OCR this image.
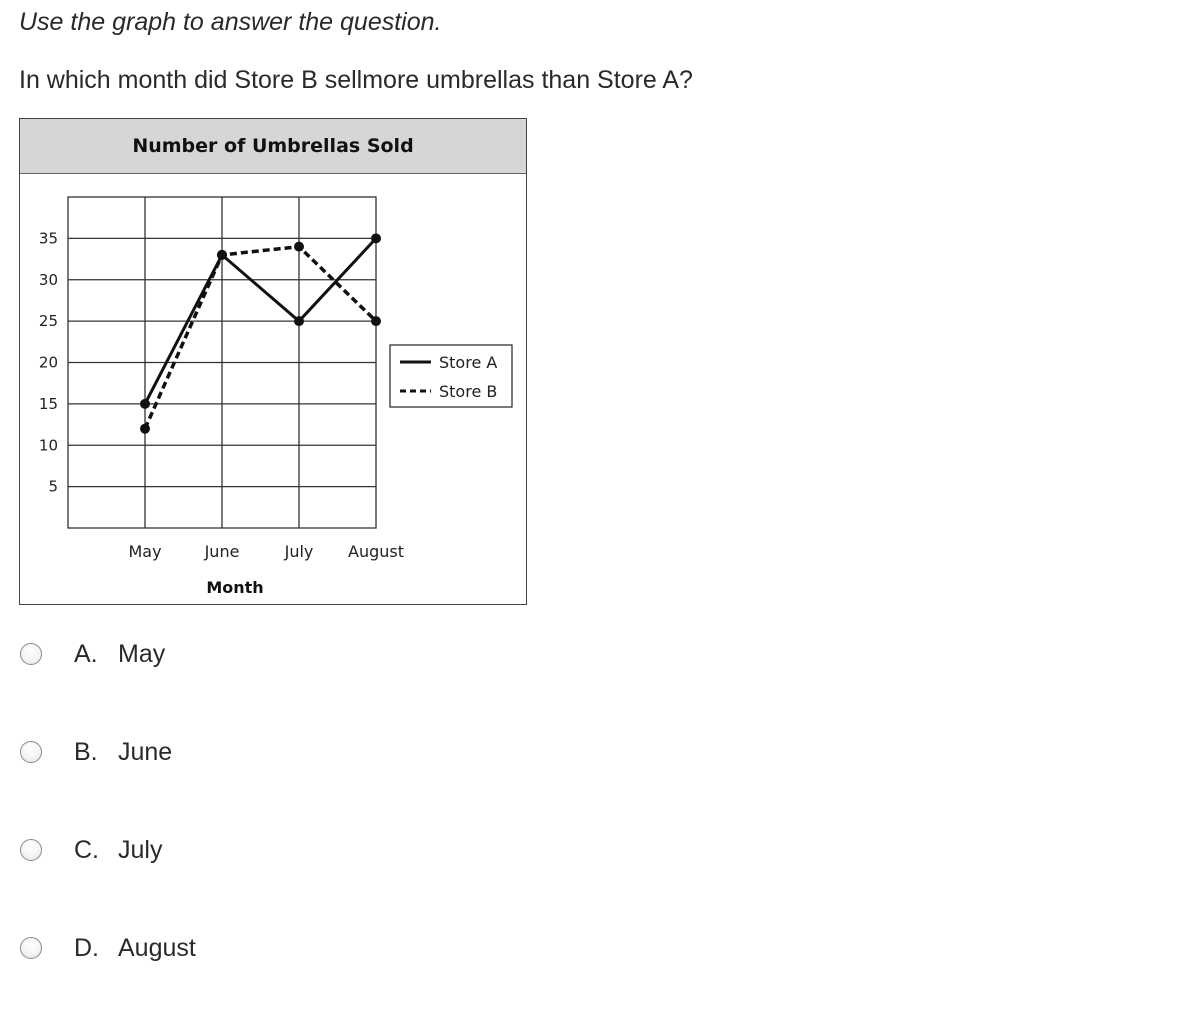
Use the graph to answer the question.
In which month did Store B sellmore umbrellas than Store A?
Number of Umbrellas Sold
5
10
15
20
25
30
35
May	June	July August
Month
Store A
Store B
A. May
B. June
C. July
D. August
